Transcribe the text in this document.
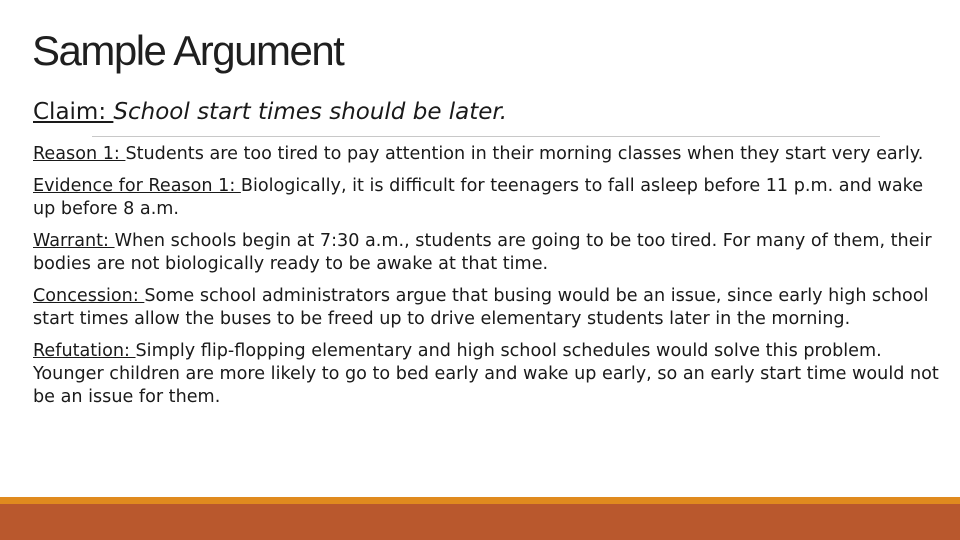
Sample Argument
Claim: School start times should be later.

Reason 1: Students are too tired to pay attention in their morning classes when they start very early.

Evidence for Reason 1: Biologically, it is difficult for teenagers to fall asleep before 11 p.m. and wake up before 8 a.m.

Warrant: When schools begin at 7:30 a.m., students are going to be too tired. For many of them, their bodies are not biologically ready to be awake at that time.

Concession: Some school administrators argue that busing would be an issue, since early high school start times allow the buses to be freed up to drive elementary students later in the morning.

Refutation: Simply flip-flopping elementary and high school schedules would solve this problem. Younger children are more likely to go to bed early and wake up early, so an early start time would not be an issue for them.
